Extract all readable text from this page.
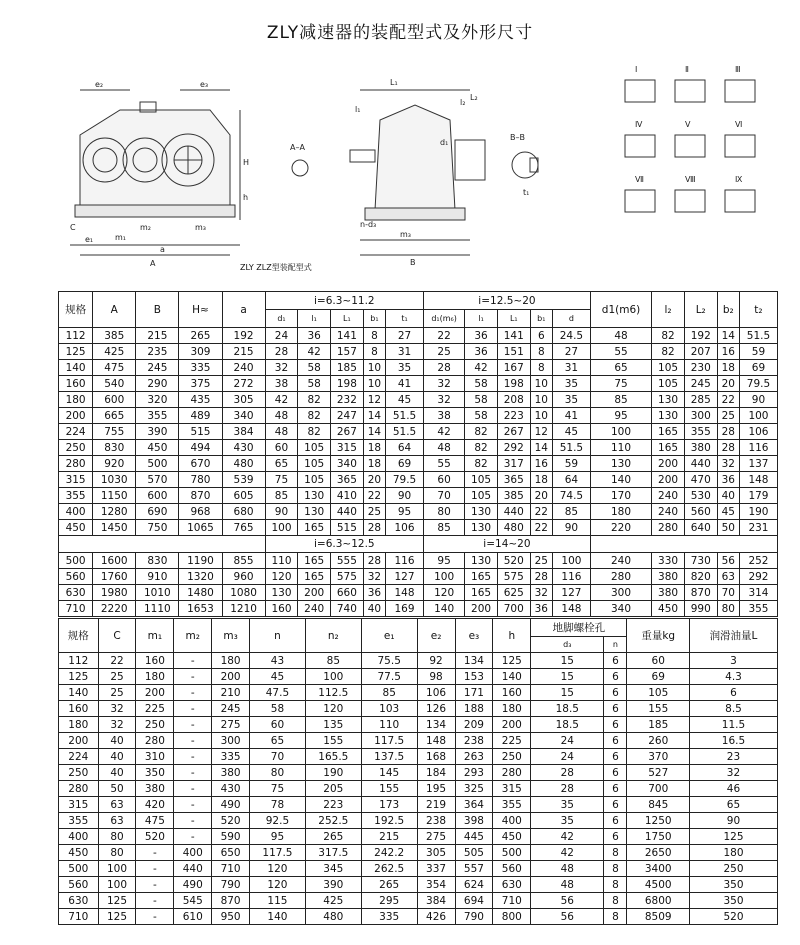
ZLY减速器的装配型式及外形尺寸
e₂	e₃
H
h
C
e₁	m₁
m₂	m₃
a
A
A–A
L₁
l₁
l₂
d₁
n-d₃
m₃
B
L₂
B–B
t₁
Ⅰ	Ⅱ	Ⅲ
Ⅳ	Ⅴ	Ⅵ
Ⅶ	Ⅷ	Ⅸ
ZLY ZLZ型装配型式
规格	A	B	H≈	a	i=6.3~11.2					i=12.5~20					d1(m6)	l₂	L₂	b₂	t₂
					d₁	l₁	L₁	b₁	t₁	d₁(m₆)	l₁	L₁	b₁	d					
112	385	215	265	192	24	36	141	8	27	22	36	141	6	24.5	48	82	192	14	51.5
125	425	235	309	215	28	42	157	8	31	25	36	151	8	27	55	82	207	16	59
140	475	245	335	240	32	58	185	10	35	28	42	167	8	31	65	105	230	18	69
160	540	290	375	272	38	58	198	10	41	32	58	198	10	35	75	105	245	20	79.5
180	600	320	435	305	42	82	232	12	45	32	58	208	10	35	85	130	285	22	90
200	665	355	489	340	48	82	247	14	51.5	38	58	223	10	41	95	130	300	25	100
224	755	390	515	384	48	82	267	14	51.5	42	82	267	12	45	100	165	355	28	106
250	830	450	494	430	60	105	315	18	64	48	82	292	14	51.5	110	165	380	28	116
280	920	500	670	480	65	105	340	18	69	55	82	317	16	59	130	200	440	32	137
315	1030	570	780	539	75	105	365	20	79.5	60	105	365	18	64	140	200	470	36	148
355	1150	600	870	605	85	130	410	22	90	70	105	385	20	74.5	170	240	530	40	179
400	1280	690	968	680	90	130	440	25	95	80	130	440	22	85	180	240	560	45	190
450	1450	750	1065	765	100	165	515	28	106	85	130	480	22	90	220	280	640	50	231
					i=6.3~12.5					i=14~20									
500	1600	830	1190	855	110	165	555	28	116	95	130	520	25	100	240	330	730	56	252
560	1760	910	1320	960	120	165	575	32	127	100	165	575	28	116	280	380	820	63	292
630	1980	1010	1480	1080	130	200	660	36	148	120	165	625	32	127	300	380	870	70	314
710	2220	1110	1653	1210	160	240	740	40	169	140	200	700	36	148	340	450	990	80	355
规格	C	m₁	m₂	m₃	n	n₂	e₁	e₂	e₃	h	地脚螺栓孔		重量kg	润滑油量L
											d₃	n		
112	22	160	-	180	43	85	75.5	92	134	125	15	6	60	3
125	25	180	-	200	45	100	77.5	98	153	140	15	6	69	4.3
140	25	200	-	210	47.5	112.5	85	106	171	160	15	6	105	6
160	32	225	-	245	58	120	103	126	188	180	18.5	6	155	8.5
180	32	250	-	275	60	135	110	134	209	200	18.5	6	185	11.5
200	40	280	-	300	65	155	117.5	148	238	225	24	6	260	16.5
224	40	310	-	335	70	165.5	137.5	168	263	250	24	6	370	23
250	40	350	-	380	80	190	145	184	293	280	28	6	527	32
280	50	380	-	430	75	205	155	195	325	315	28	6	700	46
315	63	420	-	490	78	223	173	219	364	355	35	6	845	65
355	63	475	-	520	92.5	252.5	192.5	238	398	400	35	6	1250	90
400	80	520	-	590	95	265	215	275	445	450	42	6	1750	125
450	80	-	400	650	117.5	317.5	242.2	305	505	500	42	8	2650	180
500	100	-	440	710	120	345	262.5	337	557	560	48	8	3400	250
560	100	-	490	790	120	390	265	354	624	630	48	8	4500	350
630	125	-	545	870	115	425	295	384	694	710	56	8	6800	350
710	125	-	610	950	140	480	335	426	790	800	56	8	8509	520
